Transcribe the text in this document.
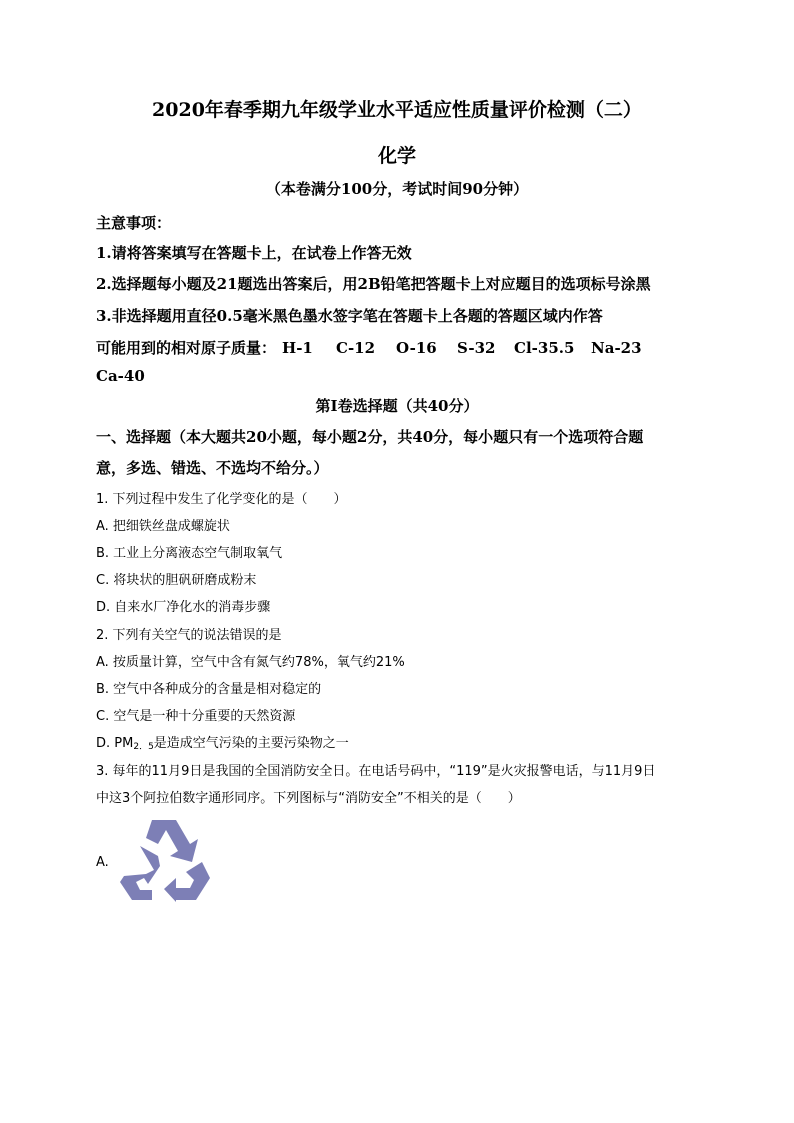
2020年春季期九年级学业水平适应性质量评价检测（二）
化学
（本卷满分100分，考试时间90分钟）
主意事项：
1.请将答案填写在答题卡上，在试卷上作答无效
2.选择题每小题及21题选出答案后，用2B铅笔把答题卡上对应题目的选项标号涂黑
3.非选择题用直径0.5毫米黑色墨水签字笔在答题卡上各题的答题区域内作答
可能用到的相对原子质量： H-1 C-12 O-16 S-32 Cl-35.5 Na-23
Ca-40
第I卷选择题（共40分）
一、选择题（本大题共20小题，每小题2分，共40分，每小题只有一个选项符合题
意，多选、错选、不选均不给分。）
1. 下列过程中发生了化学变化的是（　　）
A. 把细铁丝盘成螺旋状
B. 工业上分离液态空气制取氧气
C. 将块状的胆矾研磨成粉末
D. 自来水厂净化水的消毒步骤
2. 下列有关空气的说法错误的是
A. 按质量计算，空气中含有氮气约78%，氧气约21%
B. 空气中各种成分的含量是相对稳定的
C. 空气是一种十分重要的天然资源
D. $PM_{2.5}$是造成空气污染的主要污染物之一
3. 每年的11月9日是我国的全国消防安全日。在电话号码中，“119”是火灾报警电话，与11月9日
中这3个阿拉伯数字通形同序。下列图标与“消防安全”不相关的是（　　）
A.
